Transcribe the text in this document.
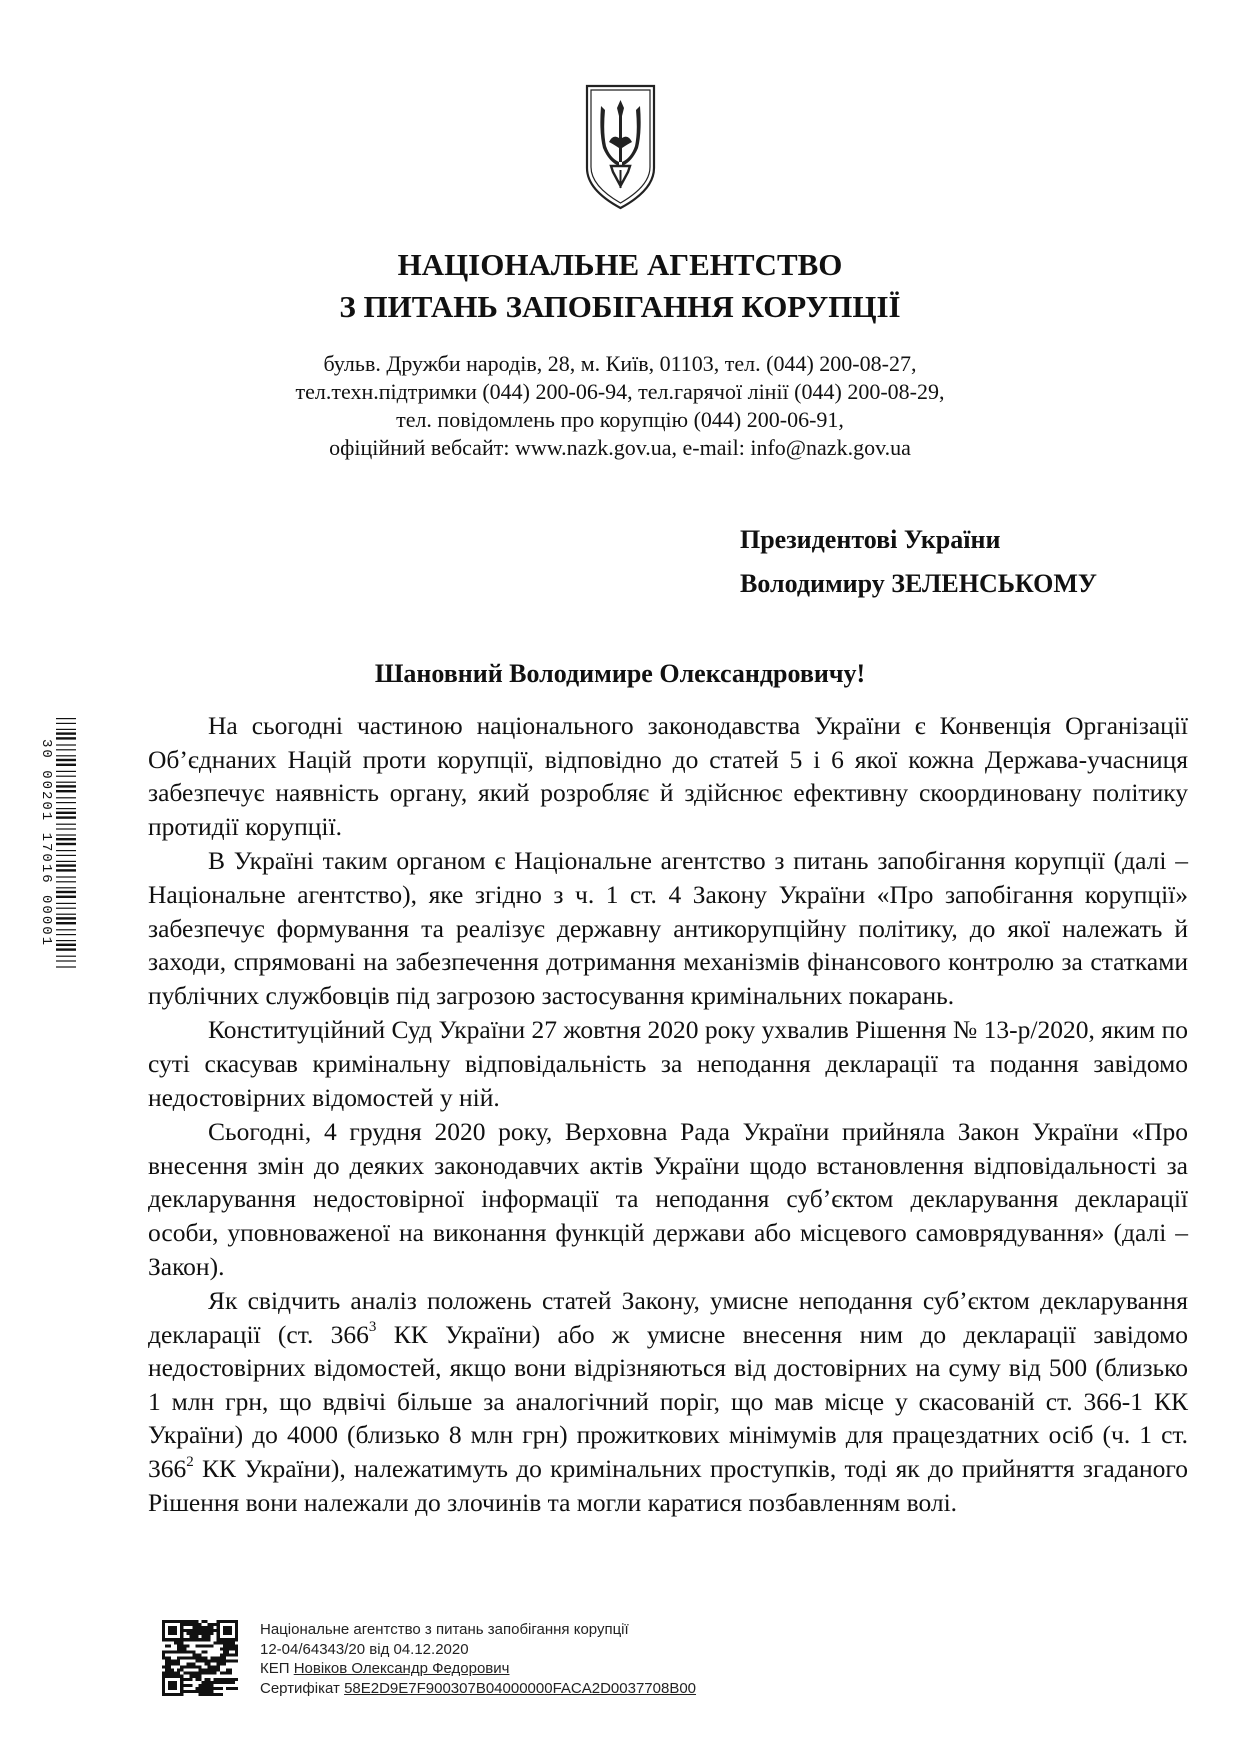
НАЦІОНАЛЬНЕ АГЕНТСТВО
З ПИТАНЬ ЗАПОБІГАННЯ КОРУПЦІЇ
бульв. Дружби народів, 28, м. Київ, 01103, тел. (044) 200-08-27,
тел.техн.підтримки (044) 200-06-94, тел.гарячої лінії (044) 200-08-29,
тел. повідомлень про корупцію (044) 200-06-91,
офіційний вебсайт: www.nazk.gov.ua, e-mail: info@nazk.gov.ua
Президентові України
Володимиру ЗЕЛЕНСЬКОМУ
Шановний Володимире Олександровичу!

На сьогодні частиною національного законодавства України є Конвенція Організації Об’єднаних Націй проти корупції, відповідно до статей 5 і 6 якої кожна Держава-учасниця забезпечує наявність органу, який розробляє й здійснює ефективну скоординовану політику протидії корупції.

В Україні таким органом є Національне агентство з питань запобігання корупції (далі – Національне агентство), яке згідно з ч. 1 ст. 4 Закону України «Про запобігання корупції» забезпечує формування та реалізує державну антикорупційну політику, до якої належать й заходи, спрямовані на забезпечення дотримання механізмів фінансового контролю за статками публічних службовців під загрозою застосування кримінальних покарань.

Конституційний Суд України 27 жовтня 2020 року ухвалив Рішення № 13-р/2020, яким по суті скасував кримінальну відповідальність за неподання декларації та подання завідомо недостовірних відомостей у ній.

Сьогодні, 4 грудня 2020 року, Верховна Рада України прийняла Закон України «Про внесення змін до деяких законодавчих актів України щодо встановлення відповідальності за декларування недостовірної інформації та неподання суб’єктом декларування декларації особи, уповноваженої на виконання функцій держави або місцевого самоврядування» (далі – Закон).

Як свідчить аналіз положень статей Закону, умисне неподання суб’єктом декларування декларації (ст. $366^3$ КК України) або ж умисне внесення ним до декларації завідомо недостовірних відомостей, якщо вони відрізняються від достовірних на суму від 500 (близько 1 млн грн, що вдвічі більше за аналогічний поріг, що мав місце у скасованій ст. 366-1 КК України) до 4000 (близько 8 млн грн) прожиткових мінімумів для працездатних осіб (ч. 1 ст. $366^2$ КК України), належатимуть до кримінальних проступків, тоді як до прийняття згаданого Рішення вони належали до злочинів та могли каратися позбавленням волі.

30 00201 17016 00001
Національне агентство з питань запобігання корупції
12-04/64343/20 від 04.12.2020
КЕП Новіков Олександр Федорович
Сертифікат 58E2D9E7F900307B04000000FACA2D0037708B00
